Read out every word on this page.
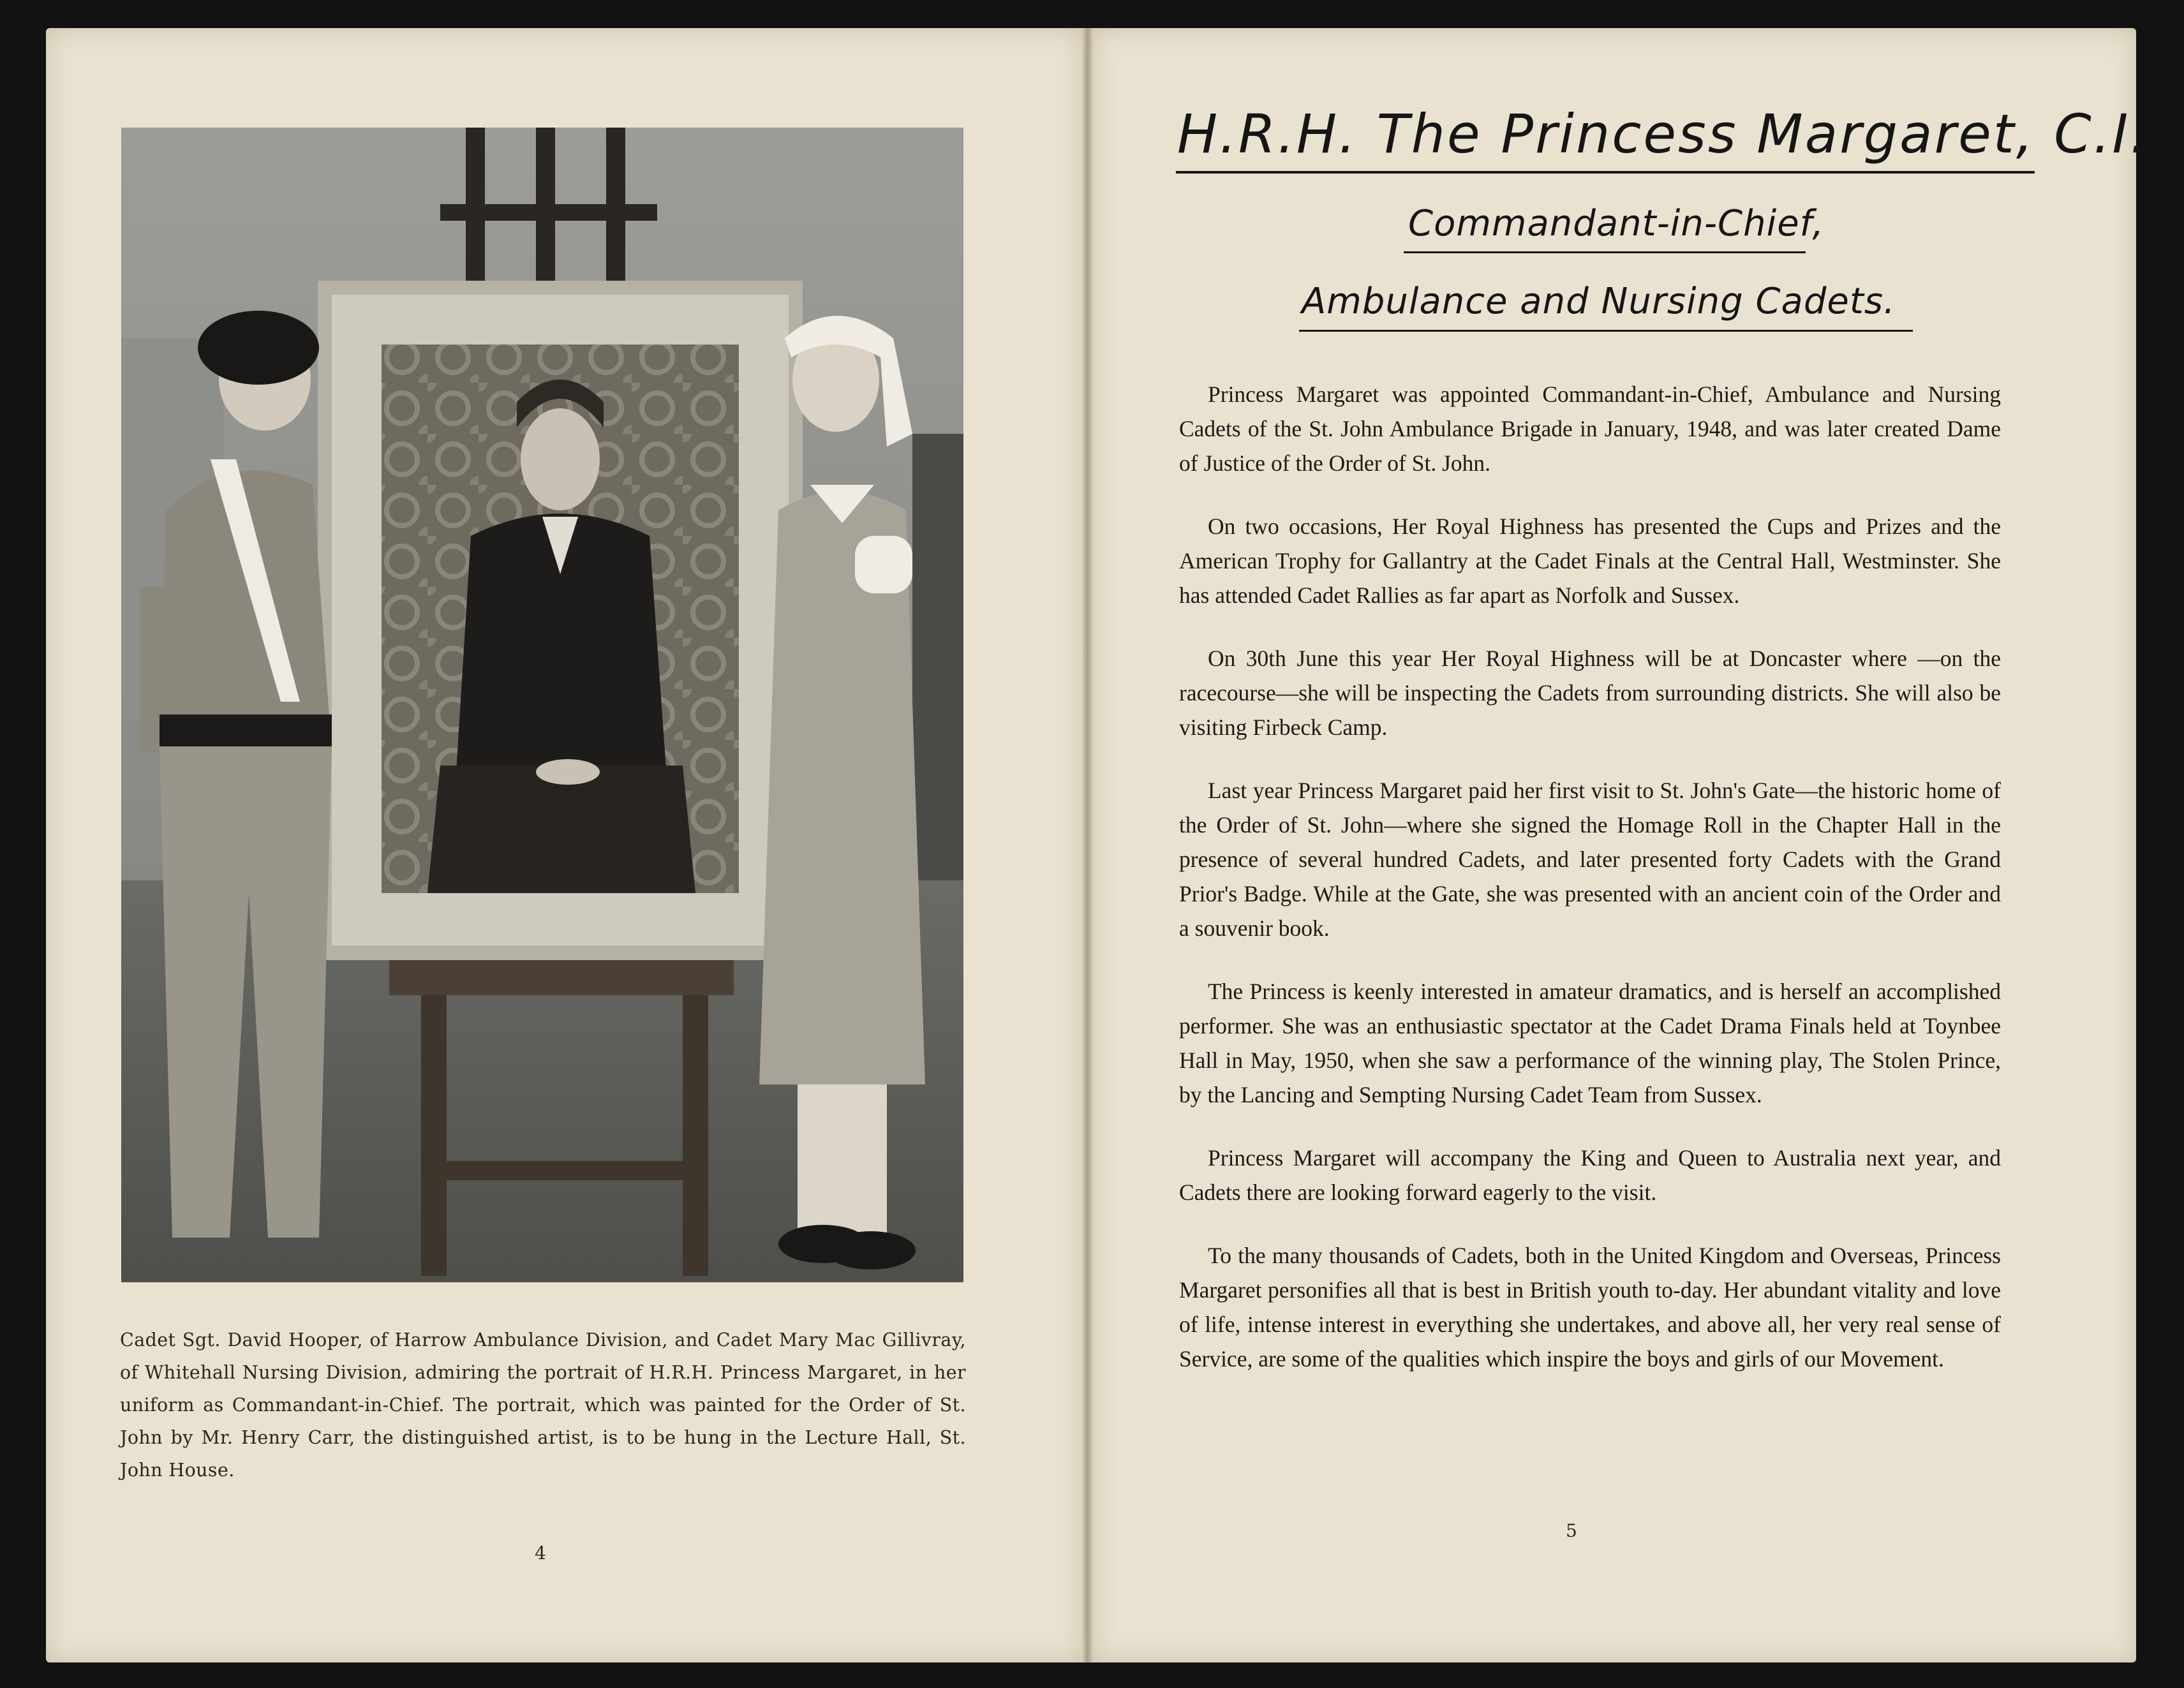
Cadet Sgt. David Hooper, of Harrow Ambulance Division, and Cadet Mary Mac Gillivray, of Whitehall Nursing Division, admiring the portrait of H.R.H. Princess Margaret, in her uniform as Commandant-in-Chief. The portrait, which was painted for the Order of St. John by Mr. Henry Carr, the distinguished artist, is to be hung in the Lecture Hall, St. John House.
4
H.R.H. The Princess Margaret, C.I.
Commandant-in-Chief,
Ambulance and Nursing Cadets.

Princess Margaret was appointed Commandant-in-Chief, Ambulance and Nursing Cadets of the St. John Ambulance Brigade in January, 1948, and was later created Dame of Justice of the Order of St. John.

On two occasions, Her Royal Highness has presented the Cups and Prizes and the American Trophy for Gallantry at the Cadet Finals at the Central Hall, Westminster. She has attended Cadet Rallies as far apart as Norfolk and Sussex.

On 30th June this year Her Royal Highness will be at Doncaster where —on the racecourse—she will be inspecting the Cadets from surrounding districts. She will also be visiting Firbeck Camp.

Last year Princess Margaret paid her first visit to St. John's Gate—the historic home of the Order of St. John—where she signed the Homage Roll in the Chapter Hall in the presence of several hundred Cadets, and later presented forty Cadets with the Grand Prior's Badge. While at the Gate, she was presented with an ancient coin of the Order and a souvenir book.

The Princess is keenly interested in amateur dramatics, and is herself an accomplished performer. She was an enthusiastic spectator at the Cadet Drama Finals held at Toynbee Hall in May, 1950, when she saw a performance of the winning play, The Stolen Prince, by the Lancing and Sempting Nursing Cadet Team from Sussex.

Princess Margaret will accompany the King and Queen to Australia next year, and Cadets there are looking forward eagerly to the visit.

To the many thousands of Cadets, both in the United Kingdom and Overseas, Princess Margaret personifies all that is best in British youth to-day. Her abundant vitality and love of life, intense interest in everything she undertakes, and above all, her very real sense of Service, are some of the qualities which inspire the boys and girls of our Movement.

5
